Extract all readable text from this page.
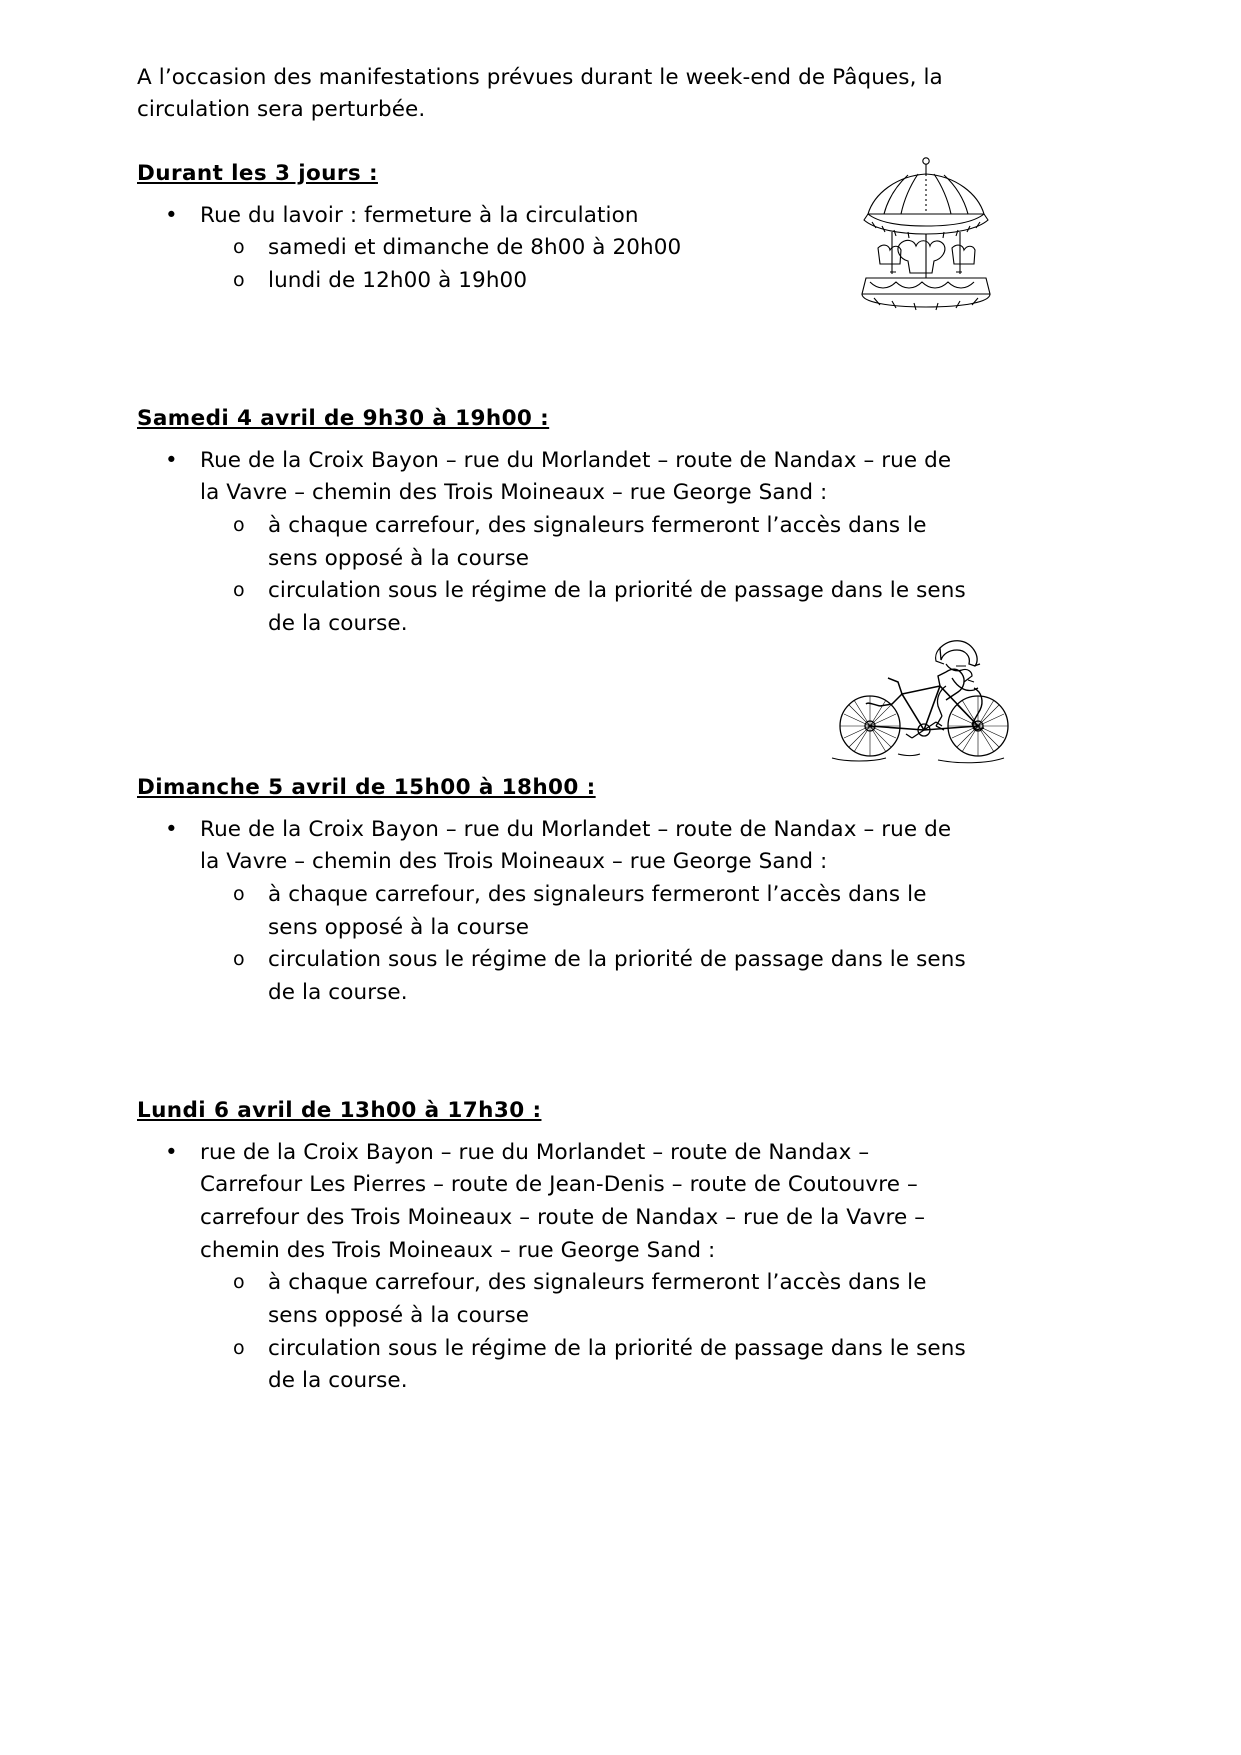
A l’occasion des manifestations prévues durant le week-end de Pâques, la circulation sera perturbée.

Durant les 3 jours :
• Rue du lavoir : fermeture à la circulation
o samedi et dimanche de 8h00 à 20h00
o lundi de 12h00 à 19h00
Samedi 4 avril de 9h30 à 19h00 :
• Rue de la Croix Bayon – rue du Morlandet – route de Nandax – rue de la Vavre – chemin des Trois Moineaux – rue George Sand :
o à chaque carrefour, des signaleurs fermeront l’accès dans le sens opposé à la course
o circulation sous le régime de la priorité de passage dans le sens de la course.
Dimanche 5 avril de 15h00 à 18h00 :
• Rue de la Croix Bayon – rue du Morlandet – route de Nandax – rue de la Vavre – chemin des Trois Moineaux – rue George Sand :
o à chaque carrefour, des signaleurs fermeront l’accès dans le sens opposé à la course
o circulation sous le régime de la priorité de passage dans le sens de la course.
Lundi 6 avril de 13h00 à 17h30 :
• rue de la Croix Bayon – rue du Morlandet – route de Nandax – Carrefour Les Pierres – route de Jean-Denis – route de Coutouvre – carrefour des Trois Moineaux – route de Nandax – rue de la Vavre – chemin des Trois Moineaux – rue George Sand :
o à chaque carrefour, des signaleurs fermeront l’accès dans le sens opposé à la course
o circulation sous le régime de la priorité de passage dans le sens de la course.
